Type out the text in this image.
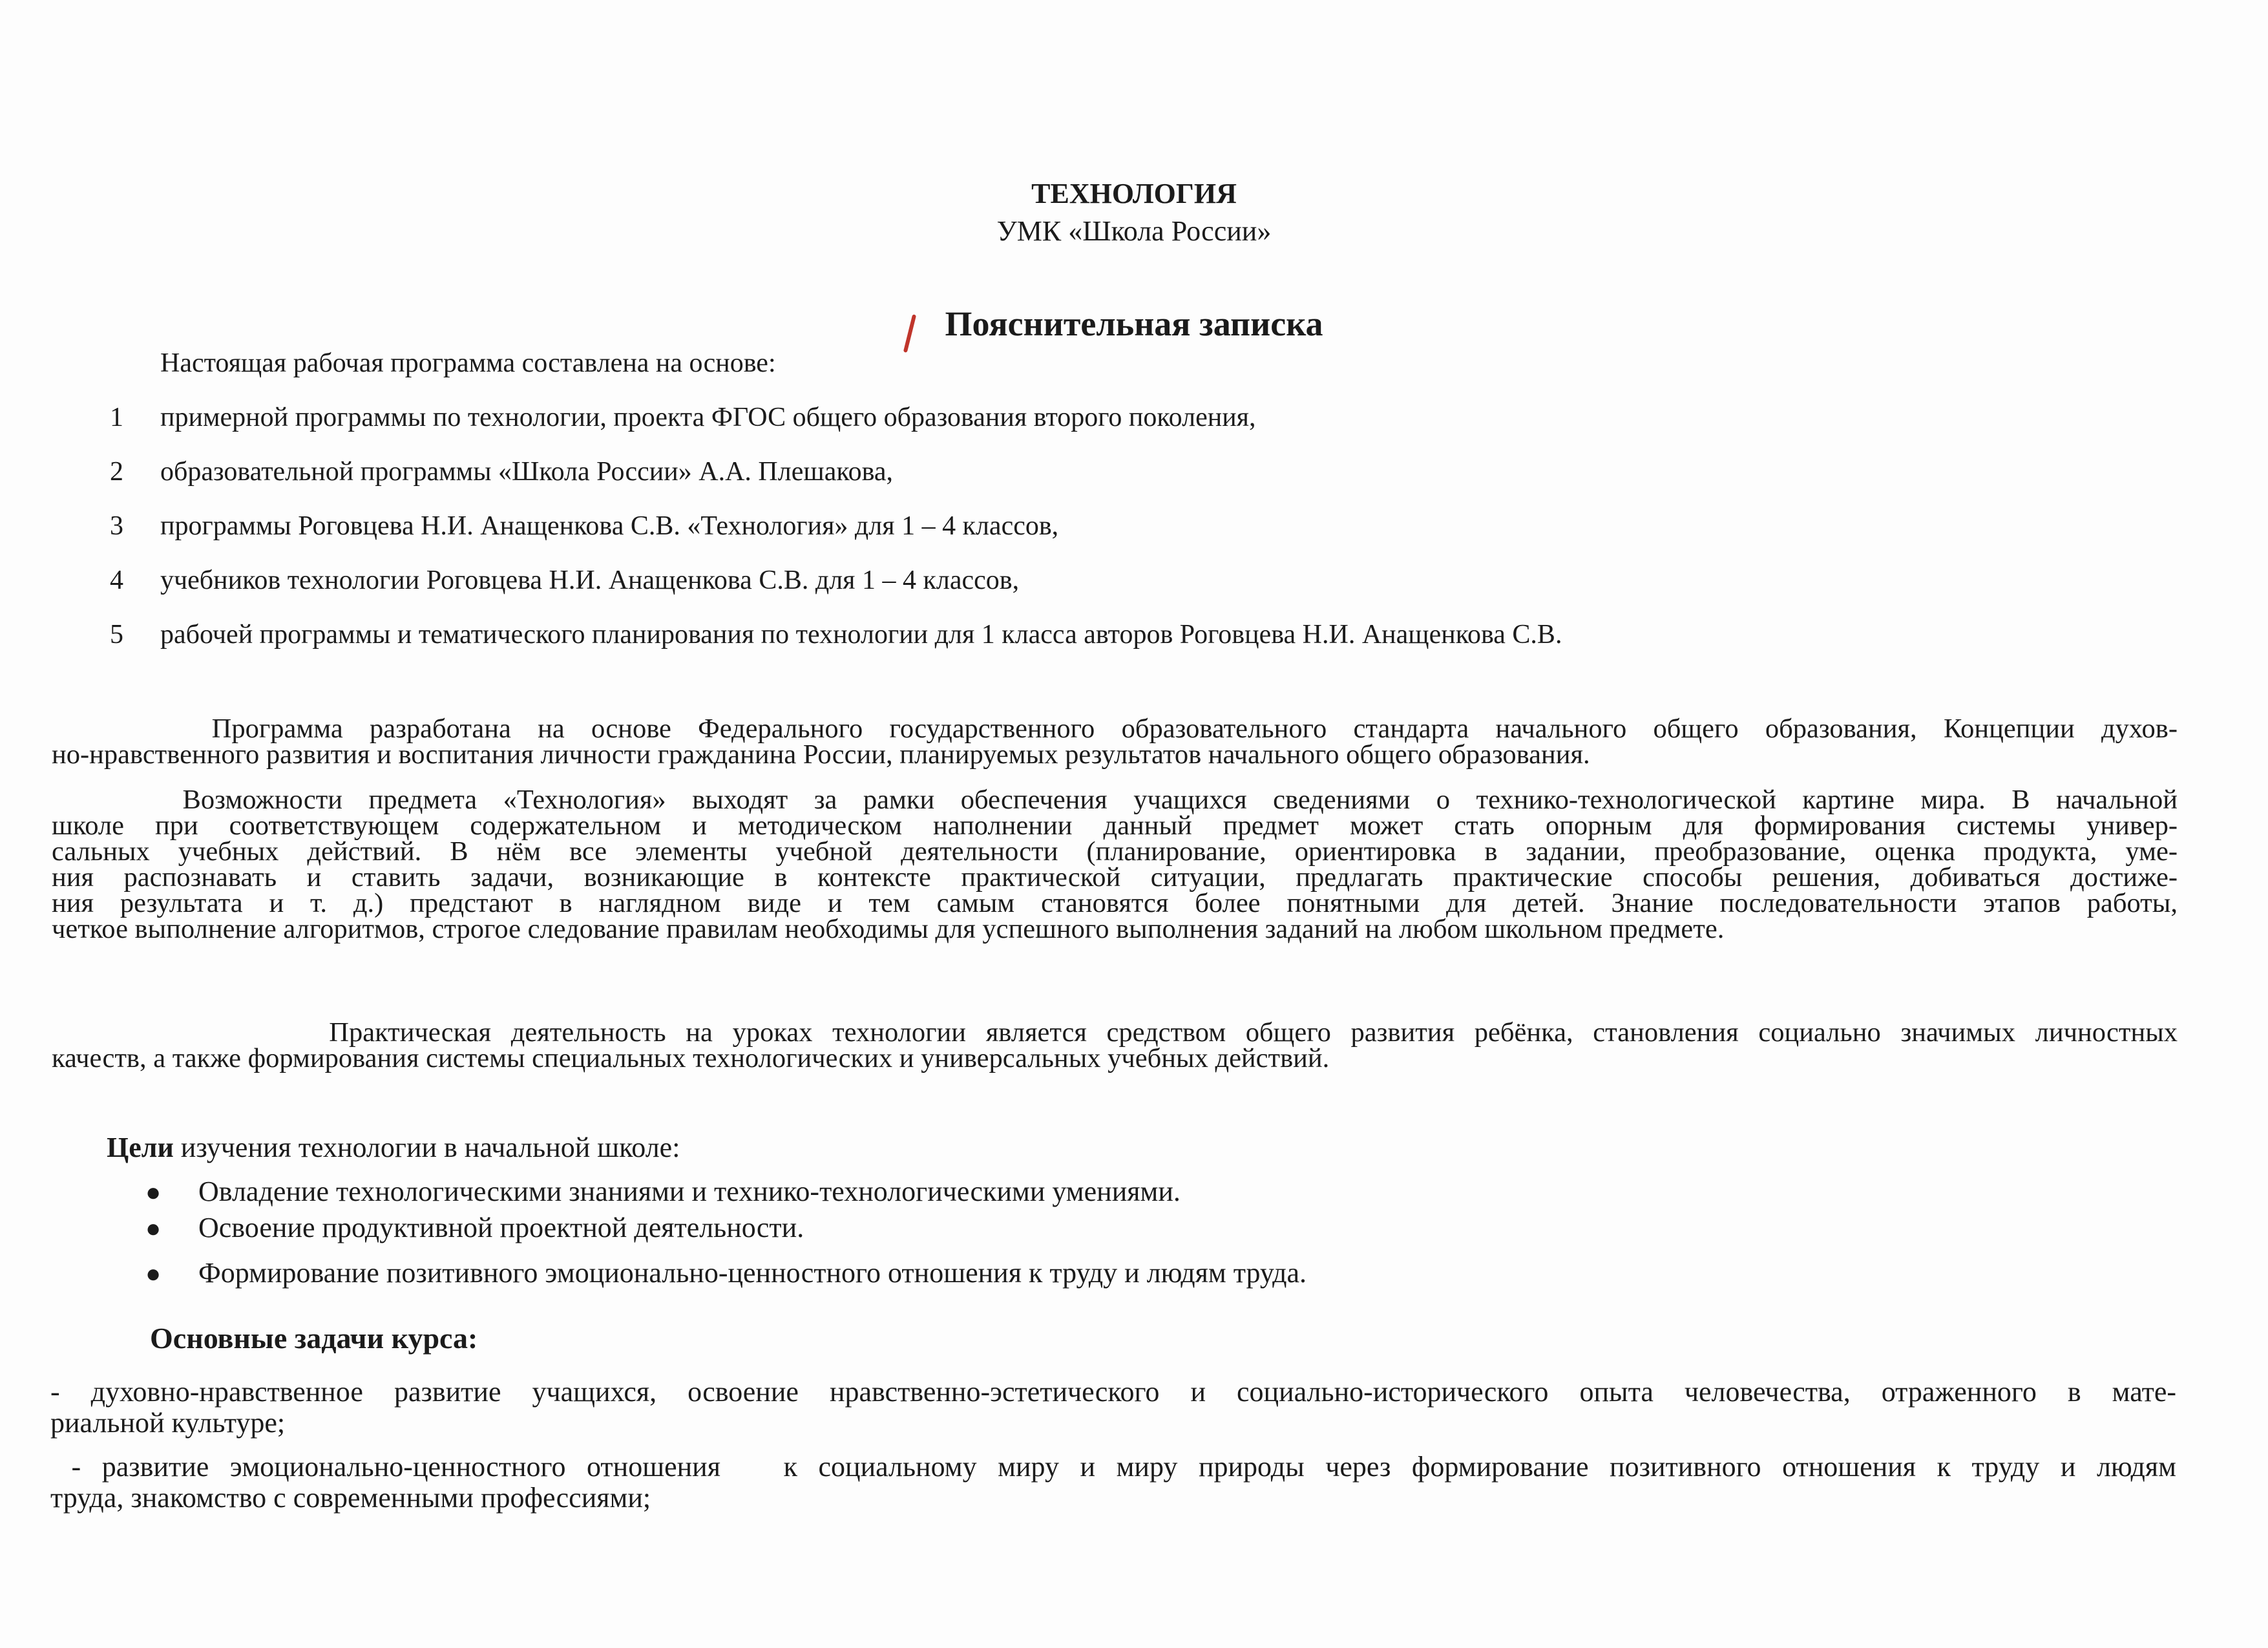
ТЕХНОЛОГИЯ
УМК «Школа России»
Пояснительная записка
Настоящая рабочая программа составлена на основе:
1 примерной программы по технологии, проекта ФГОС общего образования второго поколения,
2 образовательной программы «Школа России» А.А. Плешакова,
3 программы Роговцева Н.И. Анащенкова С.В. «Технология» для 1 – 4 классов,
4 учебников технологии Роговцева Н.И. Анащенкова С.В. для 1 – 4 классов,
5 рабочей программы и тематического планирования по технологии для 1 класса авторов Роговцева Н.И. Анащенкова С.В.
Программа разработана на основе Федерального государственного образовательного стандарта начального общего образования, Концепции духов-
но-нравственного развития и воспитания личности гражданина России, планируемых результатов начального общего образования.
Возможности предмета «Технология» выходят за рамки обеспечения учащихся сведениями о технико-технологической картине мира. В начальной
школе при соответствующем содержательном и методическом наполнении данный предмет может стать опорным для формирования системы универ-
сальных учебных действий. В нём все элементы учебной деятельности (планирование, ориентировка в задании, преобразование, оценка продукта, уме-
ния распознавать и ставить задачи, возникающие в контексте практической ситуации, предлагать практические способы решения, добиваться достиже-
ния результата и т. д.) предстают в наглядном виде и тем самым становятся более понятными для детей. Знание последовательности этапов работы,
четкое выполнение алгоритмов, строгое следование правилам необходимы для успешного выполнения заданий на любом школьном предмете.
Практическая деятельность на уроках технологии является средством общего развития ребёнка, становления социально значимых личностных
качеств, а также формирования системы специальных технологических и универсальных учебных действий.
Цели изучения технологии в начальной школе:
● Овладение технологическими знаниями и технико-технологическими умениями.
● Освоение продуктивной проектной деятельности.
● Формирование позитивного эмоционально-ценностного отношения к труду и людям труда.
Основные задачи курса:
- духовно-нравственное развитие учащихся, освоение нравственно-эстетического и социально-исторического опыта человечества, отраженного в мате-
риальной культуре;
- развитие эмоционально-ценностного отношения   к социальному миру и миру природы через формирование позитивного отношения к труду и людям
труда, знакомство с современными профессиями;
